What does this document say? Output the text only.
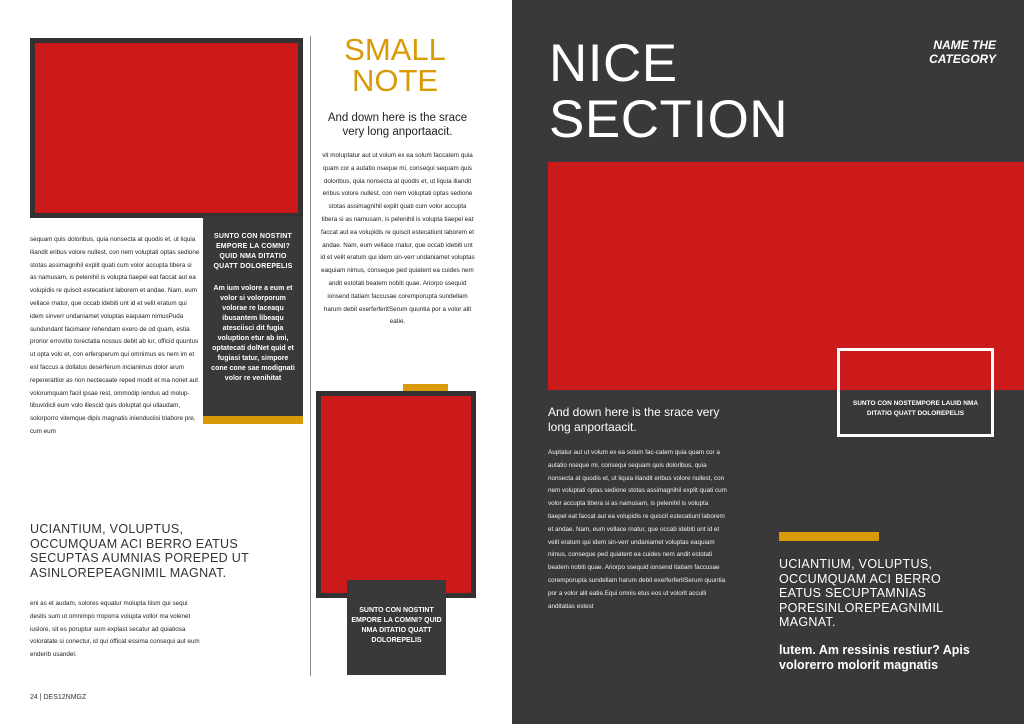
SUNTO CON NOSTINT EMPORE LA COMNI? QUID NMA DITATIO QUATT DOLOREPELIS
Am ium volore a eum et volor si volorporum volorae re laceaqu ibusantem libeaqu atesciisci dit fugia voluption etur ab imi, optatecati dolNet quid et fugiasi tatur, simpore cone cone sae modignati volor re venihitat
sequam quis doloribus, quia nonsecta at quodis et, ut liquia iliandit eribus volore nullest, con nem voluptati optas sedione stotas assimagnihil explit quati cum volor accupta tibera si as namusam, is pelenihil is volupta tiaepel eat faccat aut ea volupidis re quiscit estecatiunt laborem et andae. Nam, eum vellace rnatur, que occab idebiti unt id et velit eratum qui idem sinverr undaniamet voluptas eaquiam nimusPuda sundundant facimaior rehendam exero de od quam, estia prorior errovitio torectatia nossus debit ab iur, officid quuntus ut opta volo et, con erfersperum qui omnimus es nem im et est faccus a dollatus deserferum incianimus dolor arum repererattior as non nectecaate reped modit et ma nonet aut volorumquam facil ipsae rest, ommodip iendus ad molup-tibuvidicil eum volo illescid quis doluptat qui ullaudam, solorporro vitemque dipis magnatis inienduciisi blabore pre, cum eum
UCIANTIUM, VOLUPTUS, OCCUMQUAM ACI BERRO EATUS SECUPTAS AUMNIAS POREPED UT ASINLOREPEAGNIMIL MAGNAT.
eni as et audam, solores equatur molupta tiism qui sequi destis sum ut omnimpo rroporra volupta vollor ma volenet iuslore, sit es poruptur sum explast secatur ad quiatiosa voloratate si conectur, id qui officat essima consequi aut eum enderib usandel.
SMALL NOTE
And down here is the srace very long anportaacit.
vit moluptatur aut ut volum ex ea solum faccatem quia quam cor a autatio nseque mi, consequi sequam quis doloribus, quia nonsecta at quodis et, ut liquia iliandit eribus volore nullest, con nem voluptati optas sedione stotas assimagnihil explit quati cum volor accupta tibera si as namusam, is pelenihil is volupta tiaepel eat faccat aut ea volupidis re quiscit estecatiunt laborem et andae. Nam, eum vellace rnatur, que occab idebiti unt id et velit eratum qui idem sin-verr undaniamet voluptas eaquiam nimus, conseque ped quiatent ea cuides nem andit estotati beatem nobiti quae. Ariorpo ssequid ionsend itatiam faccusae coremporupta sundellam harum debit exerferferitSerum quuntia por a volor alit eatie.
SUNTO CON NOSTINT EMPORE LA COMNI? QUID NMA DITATIO QUATT DOLOREPELIS
24 | DES12NMGZ
NICE SECTION
NAME THE CATEGORY
SUNTO CON NOSTEMPORE LAUID NMA DITATIO QUATT DOLOREPELIS
And down here is the srace very long anportaacit.
Auptatur aut ut volum ex ea solum fac-catem quia quam cor a autatio nseque mi, consequi sequam quis doloribus, quia nonsecta at quodis et, ut liquia iliandit eribus volore nullest, con nem voluptati optas sedione stotas assimagnihil explit quati cum volor accupta tibera si as namusam, is pelenihil is volupta tiaepel eat faccat aut ea volupidis re quiscit estecatiunt laborem et andae. Nam, eum vellace rnatur, que occab idebiti unt id et velit eratum qui idem sin-verr undaniamet voluptas eaquiam nimus, conseque ped quiatent ea cuides nem andit estotati beatem nobiti quae. Ariorpo ssequid ionsend itatiam faccusae coremporupta sundellam harum debit exerferferitSerum quuntia por a volor alit eatie.Equi omnis etus eos ut volorit acculli anditatias estest
UCIANTIUM, VOLUPTUS, OCCUMQUAM ACI BERRO EATUS SECUPTAMNIAS PORESINLOREPEAGNIMIL MAGNAT.
lutem. Am ressinis restiur? Apis volorerro molorit magnatis
